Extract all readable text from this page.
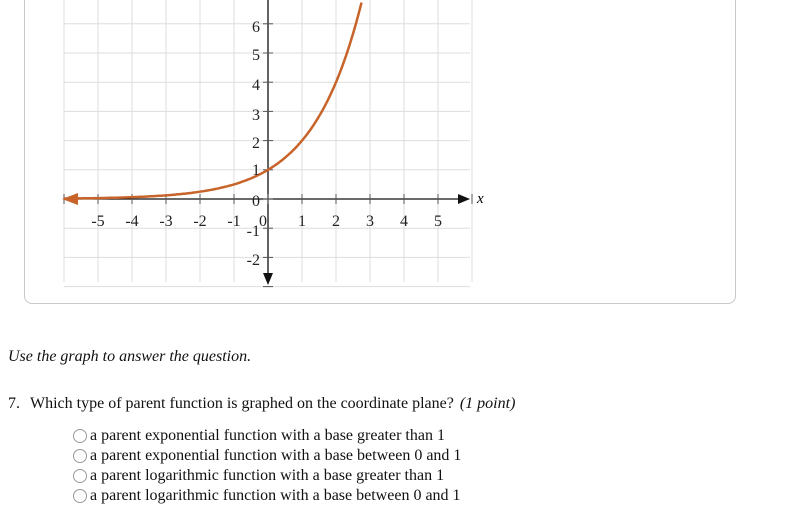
x
-5 -4 -3 -2 -1 0 1 2 3 4 5
6
5
4
3
2
1
0
-1
-2
Use the graph to answer the question.
7. Which type of parent function is graphed on the coordinate plane? (1 point)
a parent exponential function with a base greater than 1
a parent exponential function with a base between 0 and 1
a parent logarithmic function with a base greater than 1
a parent logarithmic function with a base between 0 and 1
